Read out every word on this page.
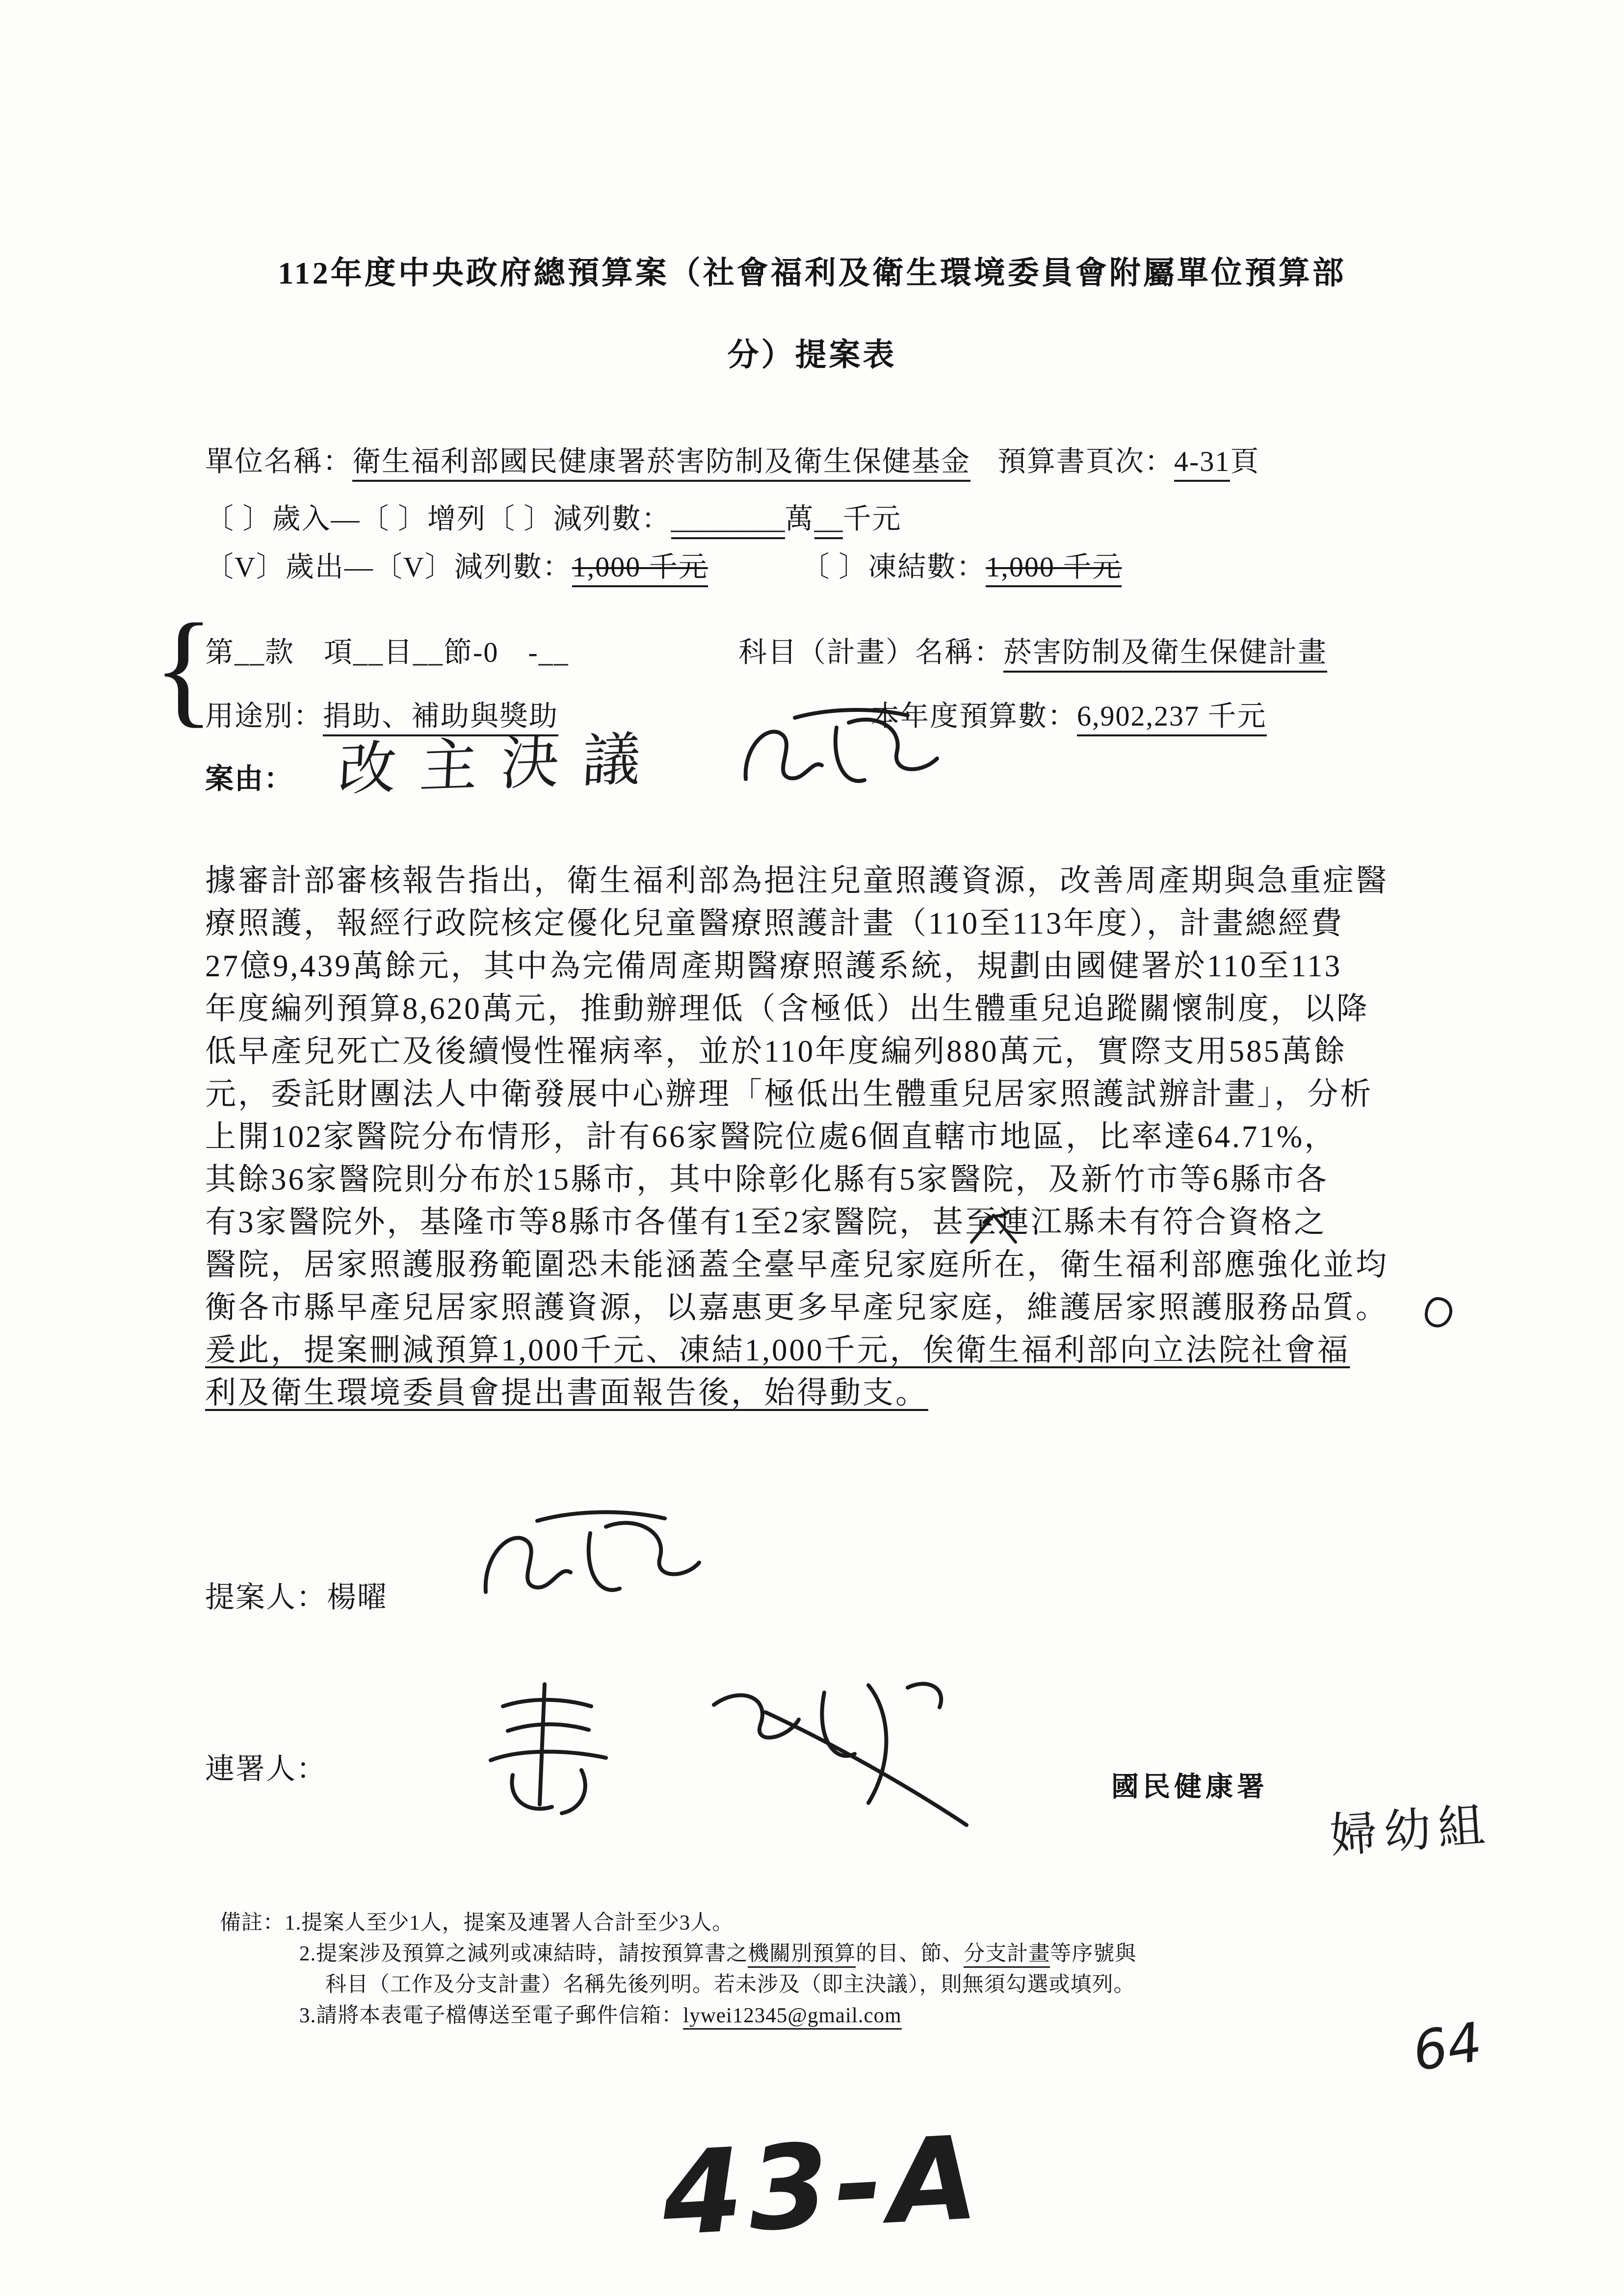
112年度中央政府總預算案（社會福利及衛生環境委員會附屬單位預算部
分）提案表
單位名稱：衛生福利部國民健康署菸害防制及衛生保健基金 預算書頁次：4-31頁
〔 〕歲入—〔 〕增列〔 〕減列數：________萬__千元
〔V〕歲出—〔V〕減列數：1,000 千元	〔 〕凍結數：1,000 千元
{
第__款　項__目__節-0　-__	科目（計畫）名稱：菸害防制及衛生保健計畫
用途別：捐助、補助與獎助	本年度預算數：6,902,237 千元
案由： 改主決議
據審計部審核報告指出，衛生福利部為挹注兒童照護資源，改善周產期與急重症醫
療照護，報經行政院核定優化兒童醫療照護計畫（110至113年度），計畫總經費
27億9,439萬餘元，其中為完備周產期醫療照護系統，規劃由國健署於110至113
年度編列預算8,620萬元，推動辦理低（含極低）出生體重兒追蹤關懷制度，以降
低早產兒死亡及後續慢性罹病率，並於110年度編列880萬元，實際支用585萬餘
元，委託財團法人中衛發展中心辦理「極低出生體重兒居家照護試辦計畫」，分析
上開102家醫院分布情形，計有66家醫院位處6個直轄市地區，比率達64.71%，
其餘36家醫院則分布於15縣市，其中除彰化縣有5家醫院，及新竹市等6縣市各
有3家醫院外，基隆市等8縣市各僅有1至2家醫院，甚至連江縣未有符合資格之
醫院，居家照護服務範圍恐未能涵蓋全臺早產兒家庭所在，衛生福利部應強化並均
衡各市縣早產兒居家照護資源，以嘉惠更多早產兒家庭，維護居家照護服務品質。
爰此，提案刪減預算1,000千元、凍結1,000千元，俟衛生福利部向立法院社會福
利及衛生環境委員會提出書面報告後，始得動支。
提案人：楊曜
連署人：
國民健康署
婦幼組
備註：1.提案人至少1人，提案及連署人合計至少3人。
2.提案涉及預算之減列或凍結時，請按預算書之機關別預算的目、節、分支計畫等序號與
科目（工作及分支計畫）名稱先後列明。若未涉及（即主決議），則無須勾選或填列。
3.請將本表電子檔傳送至電子郵件信箱：lywei12345@gmail.com	64
43-A
